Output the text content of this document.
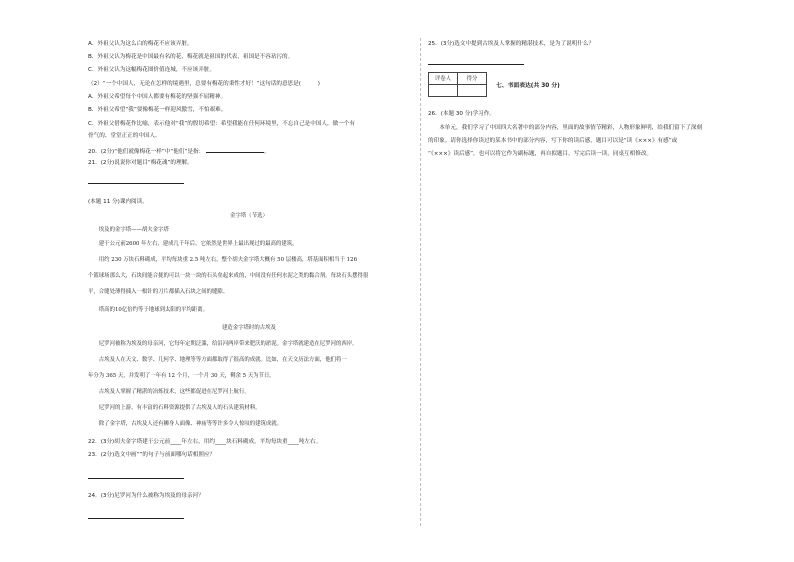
A．外祖父认为这么白的梅花不应该弄脏。
B．外祖父认为梅花是中国最有名的花，梅花就是祖国的代表，祖国是不容玷污的。
C．外祖父认为这幅梅花图价值连城，不应该弄脏。
（2）“一个中国人，无论在怎样的境遇里，总要有梅花的秉性才好！”这句话的意思是(　　　)
A．外祖父希望每个中国人都要有梅花的坚强不屈精神。
B．外祖父希望“我”要像梅花一样迎风傲雪，不怕艰难。
C．外祖父借梅花作比喻，表示他对“我”的殷切希望：希望我能在任何环境里，不忘自己是中国人，做一个有
骨气的、堂堂正正的中国人。
20．(2分)“他们就像梅花一样”中“他们”是指：	。
21．(2分)说说你对题目“梅花魂”的理解。
(本题 11 分)课内阅读。
金字塔（节选）
　　埃及的金字塔——胡夫金字塔
　　建于公元前2600 年左右，建成几千年后，它依然是世界上最出现过的最高的建筑。
　　用约 230 万块石料砌成，平均每块重 2.5 吨左右，整个胡夫金字塔大概有 50 层楼高，塔基面积相当于 126
个篮球场那么大，石块间能合拢的可以一块一块的石头垒起来成的，中间没有任何水泥之类的黏合剂。每块石头摆得很
平，合缝处薄得插入一根针的刀片都插入石块之间的缝隙。
　　塔高的10亿倍约等于地球到太阳的平均距离。
建造金字塔时的古埃及
　　尼罗河被称为埃及的母亲河，它每年定期泛滥，给沿河两岸带来肥沃的淤泥。金字塔就建造在尼罗河的西岸。
　　古埃及人在天文、数学、几何学、地理等等方面都取得了很高的成就。比如，在天文历法方面，他们将一
年分为 365 天，并发明了一年有 12 个月，一个月 30 天，剩余 5 天为节日。
　　古埃及人掌握了精湛的冶炼技术，这些都促进在尼罗河上航行。
　　尼罗河的上游，有丰富的石料资源提供了古埃及人的石头建筑材料。
　　除了金字塔，古埃及人还有狮身人面像、神庙等等许多令人惊叹的建筑成就。
22．(3分)胡夫金字塔建于公元前____年左右，用约____块石料砌成，平均每块重____吨左右。
23．(2分)选文中画“”的句子与前面哪句话相照应？
24．(3分)尼罗河为什么被称为埃及的母亲河？
25．(3分)选文中提到古埃及人掌握的精湛技术，是为了说明什么？
评卷人	得分

七、书面表达(共 30 分)
26．(本题 30 分)学习作。
　　本单元，我们学习了中国四大名著中的部分内容，里面的故事情节精彩，人物形象鲜明，给我们留下了深刻
的印象。请你选择你读过的某本书中的部分内容，写下你的读后感，题目可以是“读《×××》有感”或
“《×××》读后感”，也可以将它作为副标题，再自拟题目，写完后读一读，同桌互相修改。
